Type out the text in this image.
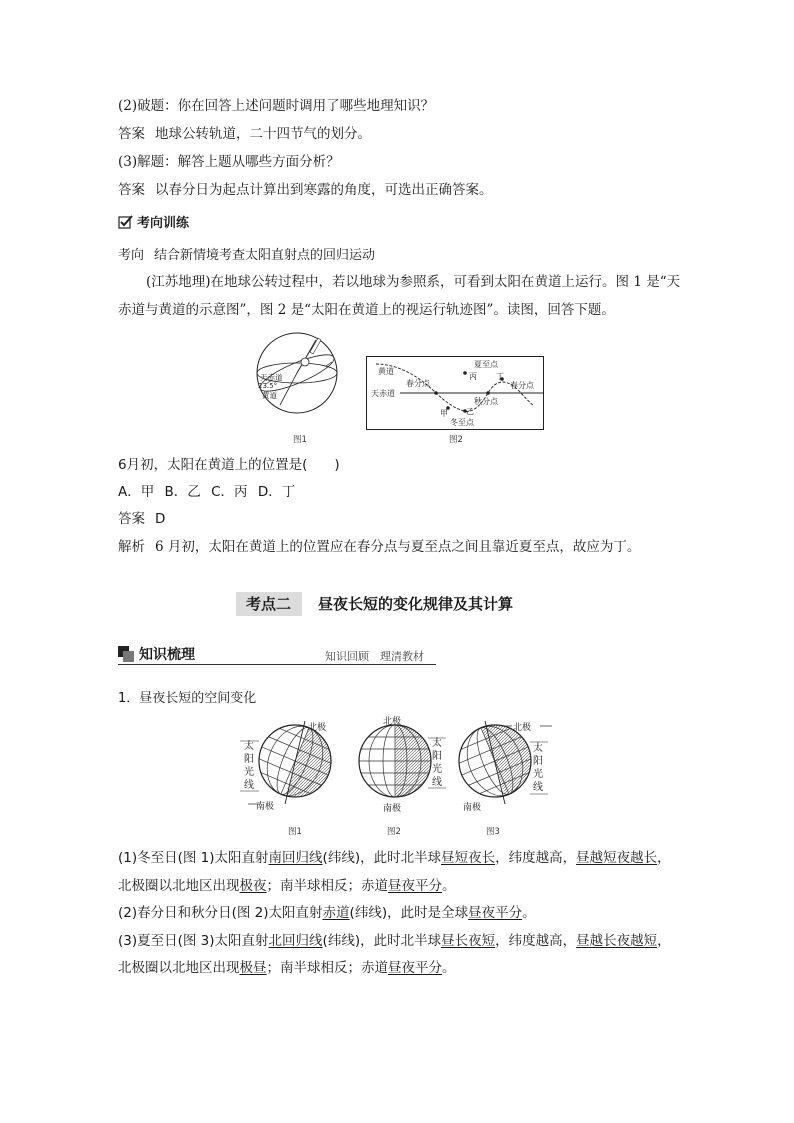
(2)破题：你在回答上述问题时调用了哪些地理知识？
答案 地球公转轨道，二十四节气的划分。
(3)解题：解答上题从哪些方面分析？
答案 以春分日为起点计算出到寒露的角度，可选出正确答案。
考向训练
考向 结合新情境考查太阳直射点的回归运动
(江苏地理)在地球公转过程中，若以地球为参照系，可看到太阳在黄道上运行。图 1 是“天
赤道与黄道的示意图”，图 2 是“太阳在黄道上的视运行轨迹图”。读图，回答下题。
天赤道
23.5°
黄道
图1
黄道
天赤道
春分点
夏至点
丙 丁
春分点
秋分点
甲 乙
冬至点
图2
6月初，太阳在黄道上的位置是(　　)
A．甲 B．乙 C．丙 D．丁
答案 D
解析 6 月初，太阳在黄道上的位置应在春分点与夏至点之间且靠近夏至点，故应为丁。
考点二 昼夜长短的变化规律及其计算
知识梳理	知识回顾　理清教材
1．昼夜长短的空间变化
北极
南极
太
阳
光
线
北极
南极
太
阳
光
线
北极
南极
太
阳
光
线
图1	图2	图3
(1)冬至日(图 1)太阳直射南回归线(纬线)，此时北半球昼短夜长，纬度越高，昼越短夜越长，
北极圈以北地区出现极夜；南半球相反；赤道昼夜平分。
(2)春分日和秋分日(图 2)太阳直射赤道(纬线)，此时是全球昼夜平分。
(3)夏至日(图 3)太阳直射北回归线(纬线)，此时北半球昼长夜短，纬度越高，昼越长夜越短，
北极圈以北地区出现极昼；南半球相反；赤道昼夜平分。
